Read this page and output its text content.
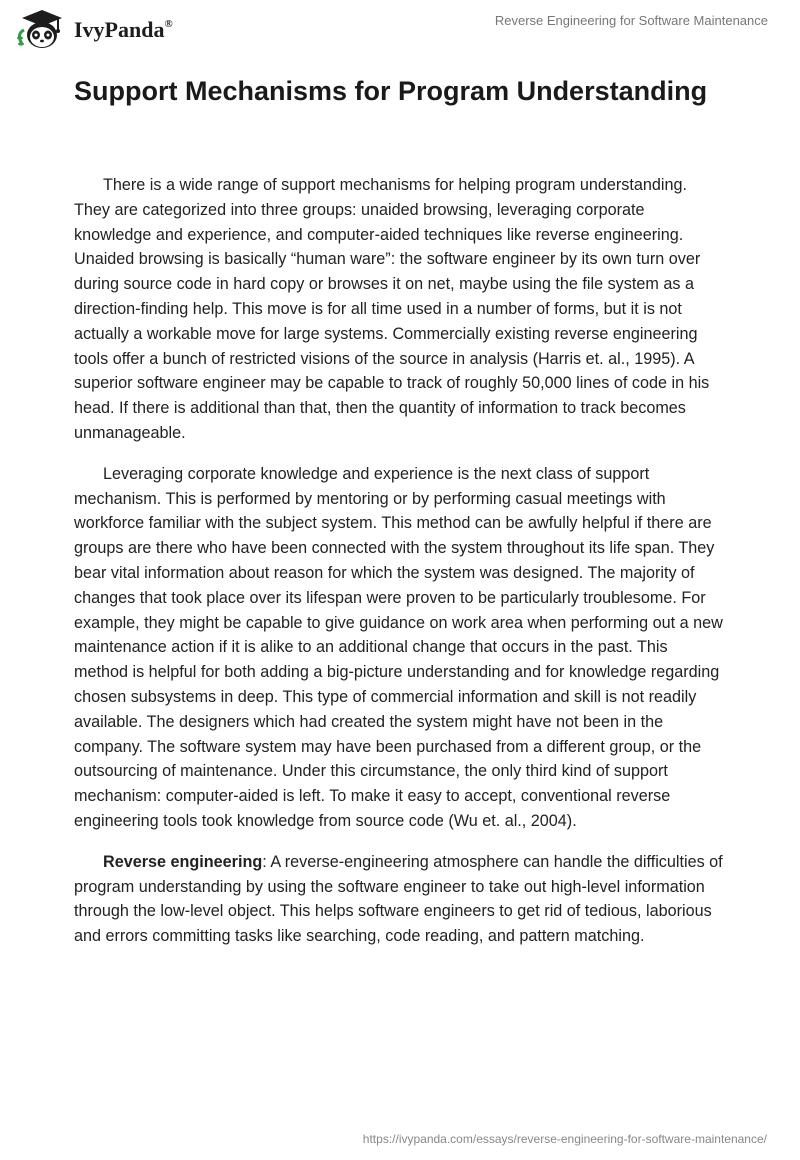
IvyPanda®	Reverse Engineering for Software Maintenance
Support Mechanisms for Program Understanding

There is a wide range of support mechanisms for helping program understanding. They are categorized into three groups: unaided browsing, leveraging corporate knowledge and experience, and computer-aided techniques like reverse engineering. Unaided browsing is basically “human ware”: the software engineer by its own turn over during source code in hard copy or browses it on net, maybe using the file system as a direction-finding help. This move is for all time used in a number of forms, but it is not actually a workable move for large systems. Commercially existing reverse engineering tools offer a bunch of restricted visions of the source in analysis (Harris et. al., 1995). A superior software engineer may be capable to track of roughly 50,000 lines of code in his head. If there is additional than that, then the quantity of information to track becomes unmanageable.

Leveraging corporate knowledge and experience is the next class of support mechanism. This is performed by mentoring or by performing casual meetings with workforce familiar with the subject system. This method can be awfully helpful if there are groups are there who have been connected with the system throughout its life span. They bear vital information about reason for which the system was designed. The majority of changes that took place over its lifespan were proven to be particularly troublesome. For example, they might be capable to give guidance on work area when performing out a new maintenance action if it is alike to an additional change that occurs in the past. This method is helpful for both adding a big-picture understanding and for knowledge regarding chosen subsystems in deep. This type of commercial information and skill is not readily available. The designers which had created the system might have not been in the company. The software system may have been purchased from a different group, or the outsourcing of maintenance. Under this circumstance, the only third kind of support mechanism: computer-aided is left. To make it easy to accept, conventional reverse engineering tools took knowledge from source code (Wu et. al., 2004).

Reverse engineering: A reverse-engineering atmosphere can handle the difficulties of program understanding by using the software engineer to take out high-level information through the low-level object. This helps software engineers to get rid of tedious, laborious and errors committing tasks like searching, code reading, and pattern matching.

https://ivypanda.com/essays/reverse-engineering-for-software-maintenance/
